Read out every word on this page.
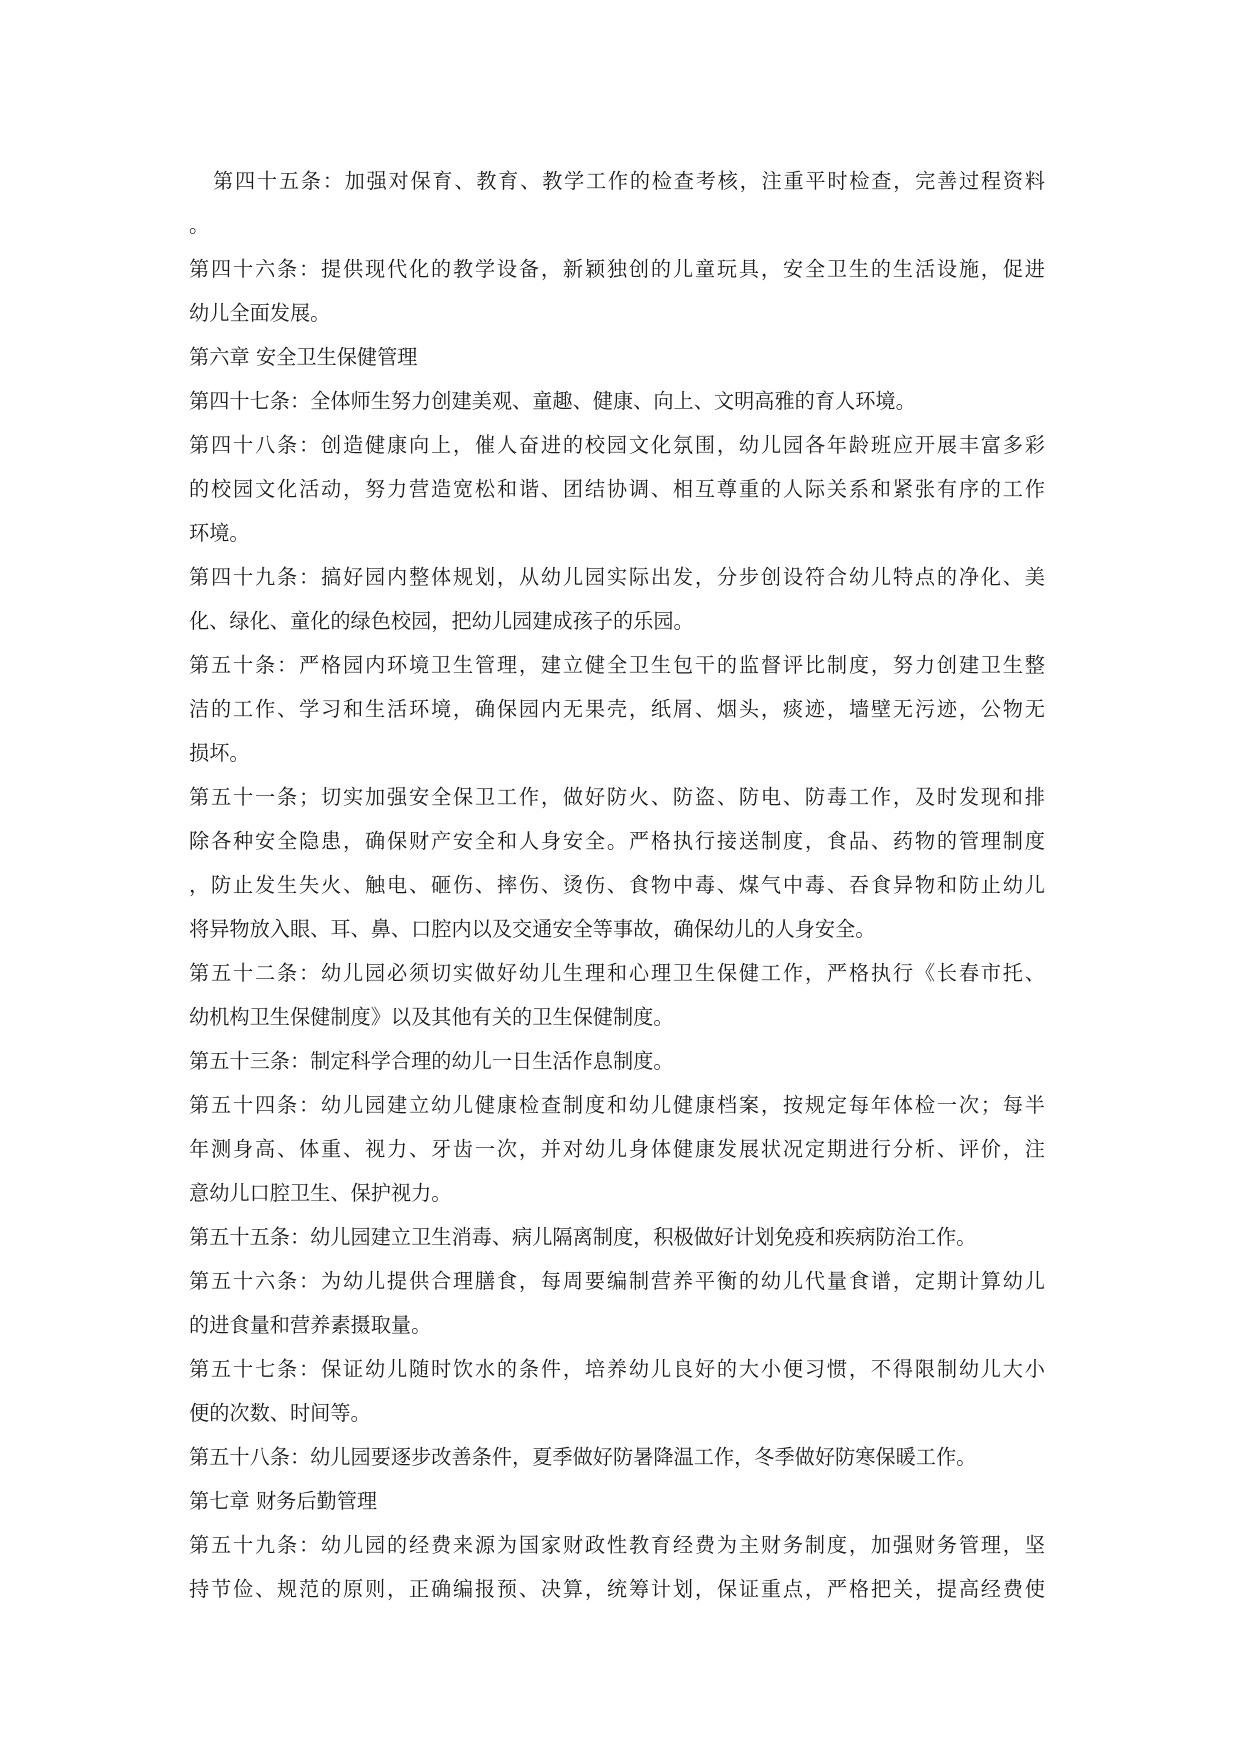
第四十五条：加强对保育、教育、教学工作的检查考核，注重平时检查，完善过程资料
。
第四十六条：提供现代化的教学设备，新颖独创的儿童玩具，安全卫生的生活设施，促进
幼儿全面发展。
第六章 安全卫生保健管理
第四十七条：全体师生努力创建美观、童趣、健康、向上、文明高雅的育人环境。
第四十八条：创造健康向上，催人奋进的校园文化氛围，幼儿园各年龄班应开展丰富多彩
的校园文化活动，努力营造宽松和谐、团结协调、相互尊重的人际关系和紧张有序的工作
环境。
第四十九条：搞好园内整体规划，从幼儿园实际出发，分步创设符合幼儿特点的净化、美
化、绿化、童化的绿色校园，把幼儿园建成孩子的乐园。
第五十条：严格园内环境卫生管理，建立健全卫生包干的监督评比制度，努力创建卫生整
洁的工作、学习和生活环境，确保园内无果壳，纸屑、烟头，痰迹，墙壁无污迹，公物无
损坏。
第五十一条；切实加强安全保卫工作，做好防火、防盗、防电、防毒工作，及时发现和排
除各种安全隐患，确保财产安全和人身安全。严格执行接送制度，食品、药物的管理制度
，防止发生失火、触电、砸伤、摔伤、烫伤、食物中毒、煤气中毒、吞食异物和防止幼儿
将异物放入眼、耳、鼻、口腔内以及交通安全等事故，确保幼儿的人身安全。
第五十二条：幼儿园必须切实做好幼儿生理和心理卫生保健工作，严格执行《长春市托、
幼机构卫生保健制度》以及其他有关的卫生保健制度。
第五十三条：制定科学合理的幼儿一日生活作息制度。
第五十四条：幼儿园建立幼儿健康检查制度和幼儿健康档案，按规定每年体检一次；每半
年测身高、体重、视力、牙齿一次，并对幼儿身体健康发展状况定期进行分析、评价，注
意幼儿口腔卫生、保护视力。
第五十五条：幼儿园建立卫生消毒、病儿隔离制度，积极做好计划免疫和疾病防治工作。
第五十六条：为幼儿提供合理膳食，每周要编制营养平衡的幼儿代量食谱，定期计算幼儿
的进食量和营养素摄取量。
第五十七条：保证幼儿随时饮水的条件，培养幼儿良好的大小便习惯，不得限制幼儿大小
便的次数、时间等。
第五十八条：幼儿园要逐步改善条件，夏季做好防暑降温工作，冬季做好防寒保暖工作。
第七章 财务后勤管理
第五十九条：幼儿园的经费来源为国家财政性教育经费为主财务制度，加强财务管理，坚
持节俭、规范的原则，正确编报预、决算，统筹计划，保证重点，严格把关，提高经费使
